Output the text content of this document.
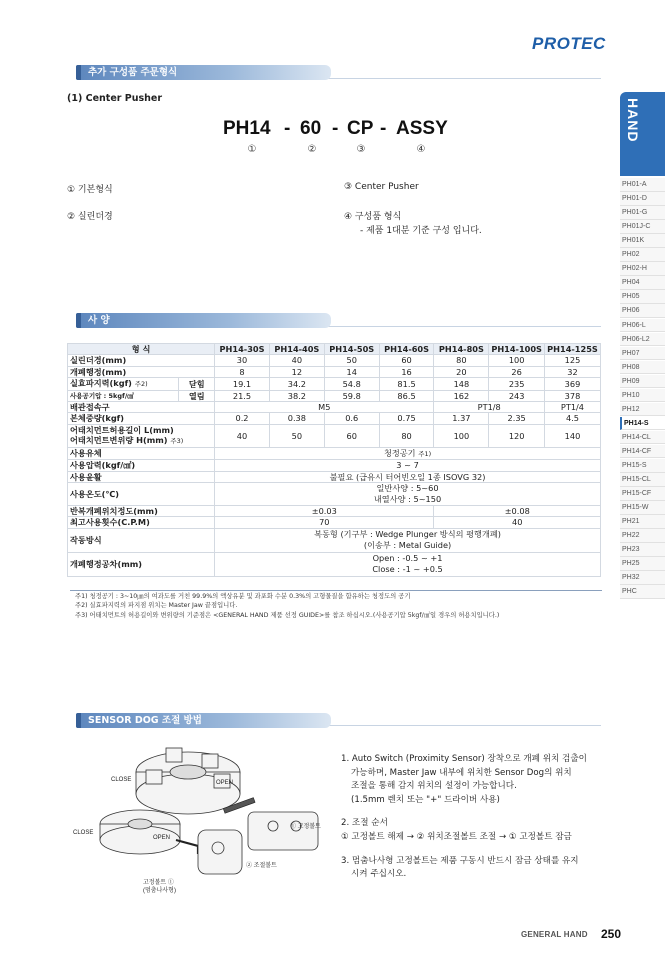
PROTEC
추가 구성품 주문형식
(1) Center Pusher
PH14 - 60 - CP - ASSY
①	②	③	④
① 기본형식
② 실린더경
③ Center Pusher
④ 구성품 형식
- 제품 1대분 기준 구성 입니다.
사 양
형 식		PH14-30S	PH14-40S	PH14-50S	PH14-60S	PH14-80S	PH14-100S	PH14-125S
실린더경(mm)		30	40	50	60	80	100	125
개폐행정(mm)		8	12	14	16	20	26	32
실효파지력(kgf) 주2)	닫힘	19.1	34.2	54.8	81.5	148	235	369
사용공기압 : 5kgf/㎠	열림	21.5	38.2	59.8	86.5	162	243	378
배관접속구		M5				PT1/8		PT1/4
본체중량(kgf)		0.2	0.38	0.6	0.75	1.37	2.35	4.5
어태치먼트허용길이 L(mm)
어태치먼트변위량 H(mm) 주3)		40	50	60	80	100	120	140
사용유체		청정공기 주1)						
사용압력(kgf/㎠)		3 ~ 7						
사용윤활		불필요 (급유시 터어빈오일 1종 ISOVG 32)						
사용온도(℃)		일반사양 : 5~60
내열사양 : 5~150						
반복개폐위치정도(mm)		±0.03				±0.08		
최고사용횟수(C.P.M)		70				40		
작동방식		복동형 (기구부 : Wedge Plunger 방식의 평행개폐)
(이송부 : Metal Guide)						
개폐행정공차(mm)		Open : -0.5 ~ +1
Close : -1 ~ +0.5						
주1) 청정공기 : 3~10㎛의 여과도를 거친 99.9%의 액상유분 및 과포화 수분 0.3%의 고형물질을 함유하는 청정도의 공기
주2) 실효파지력의 파지점 위치는 Master Jaw 끝점입니다.
주3) 어태치먼트의 허용길이와 변위량의 기준점은 <GENERAL HAND 제품 선정 GUIDE>를 참조 하십시오.(사용공기압 5kgf/㎠일 경우의 허용치입니다.)
SENSOR DOG 조절 방법
CLOSE	OPEN
CLOSE
OPEN
① 고정볼트
② 조절볼트
고정볼트 ①
(멈춤나사형)
1. Auto Switch (Proximity Sensor) 장착으로 개폐 위치 검출이
가능하며, Master Jaw 내부에 위치한 Sensor Dog의 위치
조절을 통해 감지 위치의 설정이 가능합니다.
(1.5mm 렌치 또는 "+" 드라이버 사용)
2. 조절 순서
① 고정볼트 해제 → ② 위치조절볼트 조절 → ① 고정볼트 잠금
3. 멈춤나사형 고정볼트는 제품 구동시 반드시 잠금 상태를 유지
시켜 주십시오.
HAND
PH01-A
PH01-D
PH01-G
PH01J-C
PH01K
PH02
PH02-H
PH04
PH05
PH06
PH06-L
PH06-L2
PH07
PH08
PH09
PH10
PH12
PH14-S
PH14-CL
PH14-CF
PH15-S
PH15-CL
PH15-CF
PH15-W
PH21
PH22
PH23
PH25
PH32
PHC
GENERAL HAND 250
